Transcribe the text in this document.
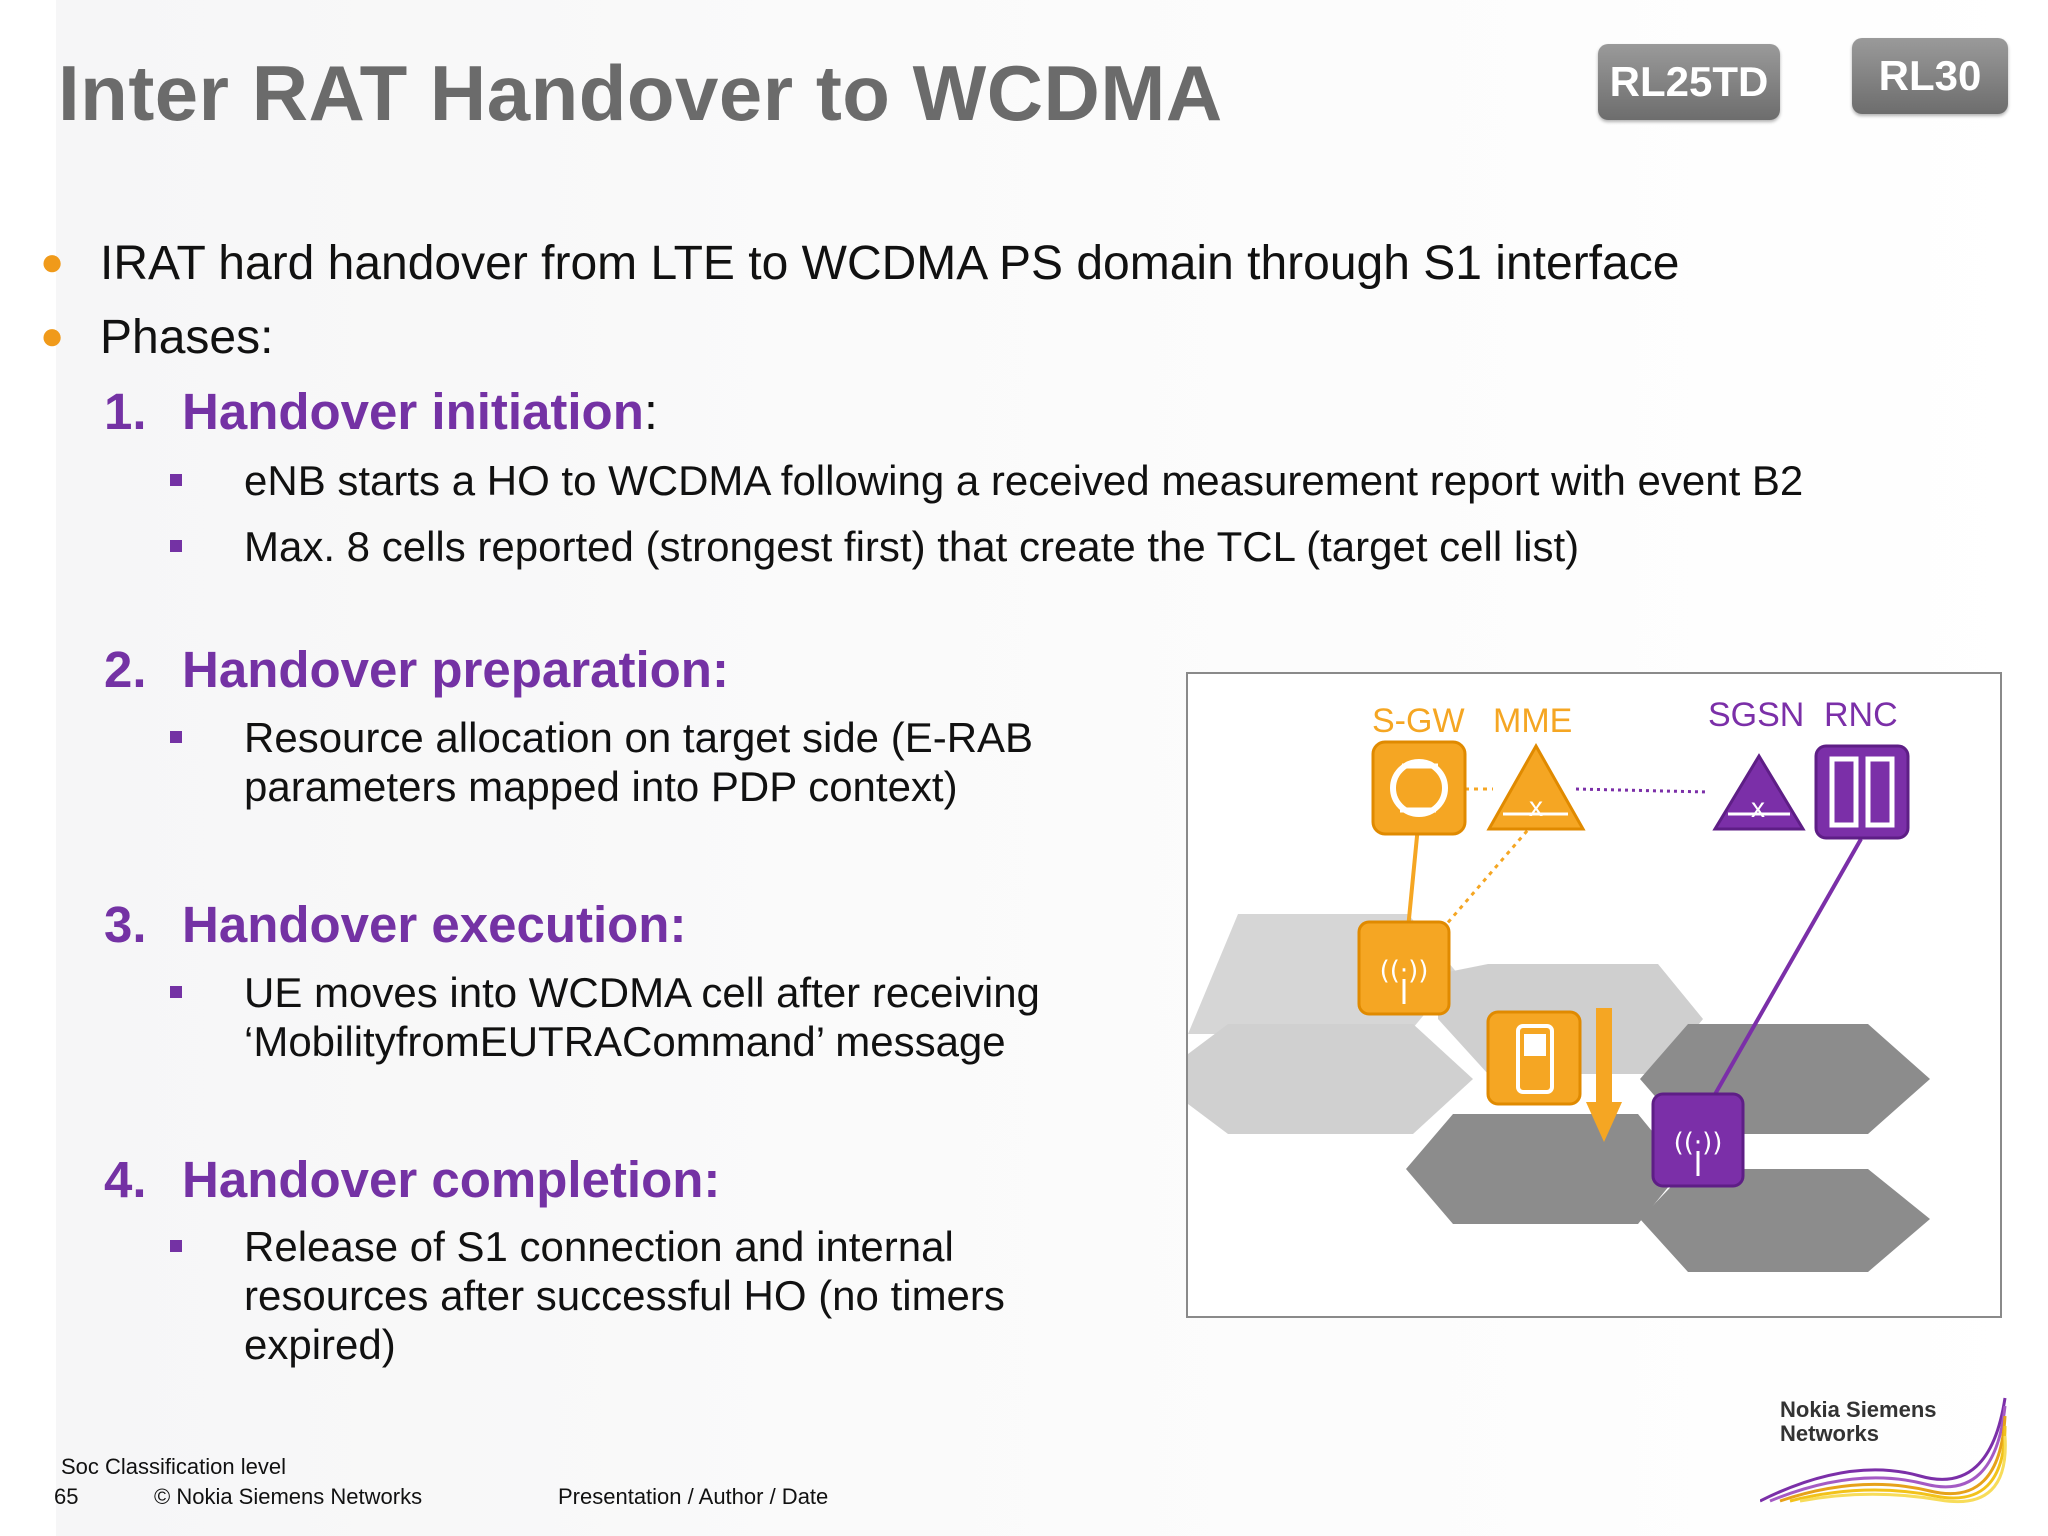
Inter RAT Handover to WCDMA	RL25TD	RL30
● IRAT hard handover from LTE to WCDMA PS domain through S1 interface
● Phases:
1. Handover initiation:
eNB starts a HO to WCDMA following a received measurement report with event B2
Max. 8 cells reported (strongest first) that create the TCL (target cell list)
2. Handover preparation:
Resource allocation on target side (E-RAB
parameters mapped into PDP context)
3. Handover execution:
UE moves into WCDMA cell after receiving
‘MobilityfromEUTRACommand’ message
4. Handover completion:
Release of S1 connection and internal
resources after successful HO (no timers
expired)
x	x
((·))
((·))
S-GW MME	SGSN RNC
Soc Classification level
65	© Nokia Siemens Networks	Presentation / Author / Date
Nokia Siemens
Networks
